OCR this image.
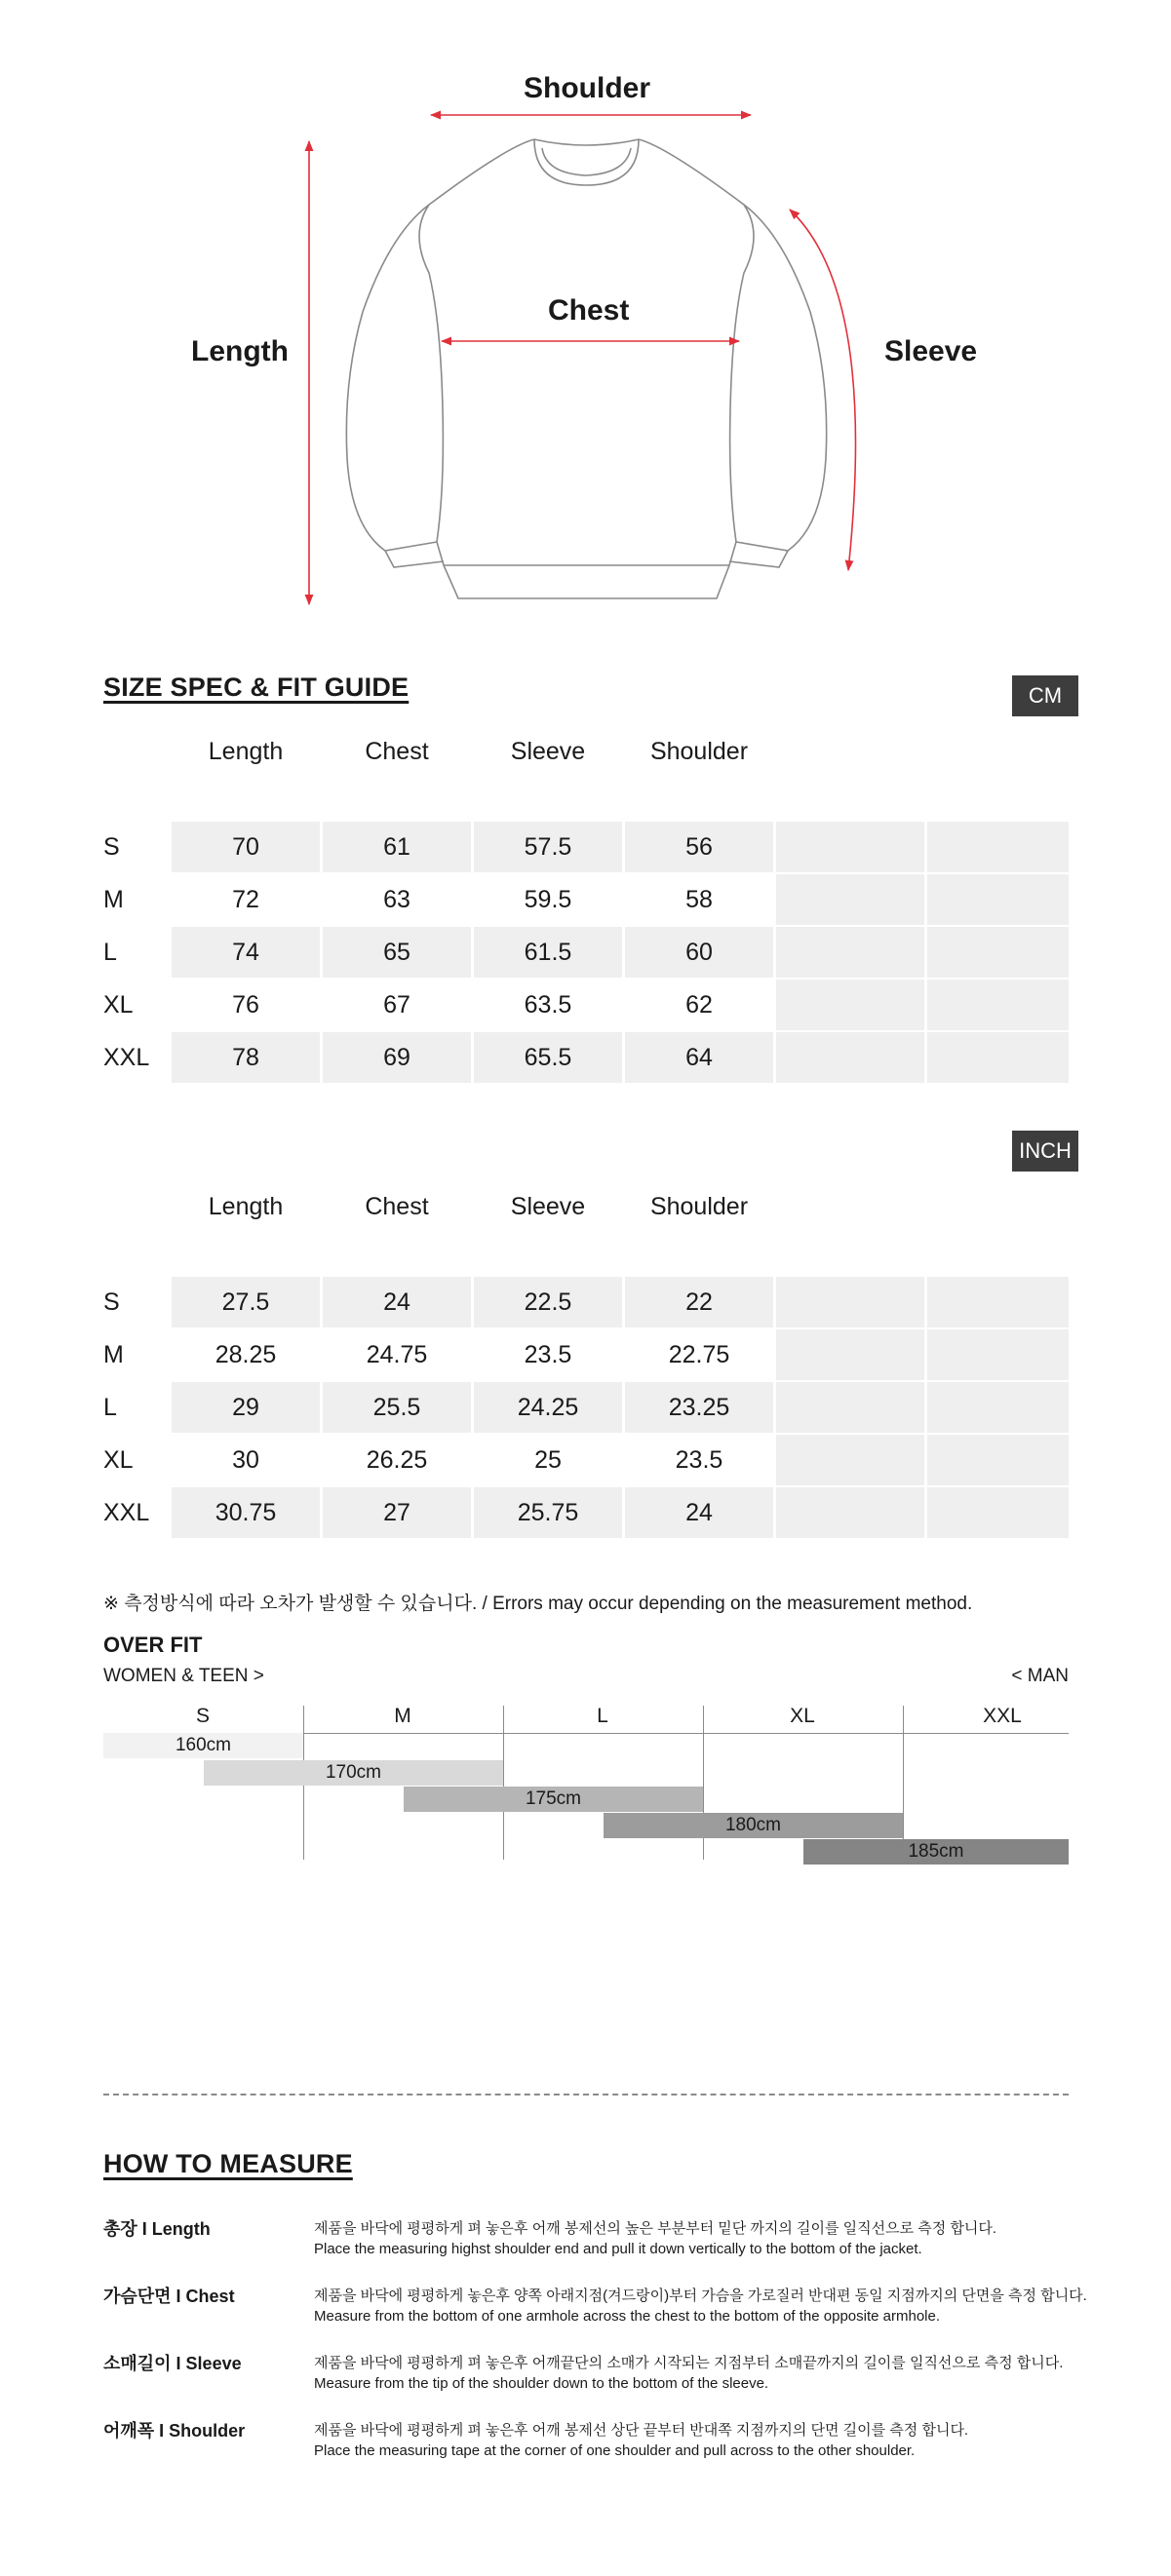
Shoulder
Chest
Length	Sleeve
SIZE SPEC & FIT GUIDE	CM
Length	Chest	Sleeve	Shoulder
S	70	61	57.5	56
M	72	63	59.5	58
L	74	65	61.5	60
XL	76	67	63.5	62
XXL	78	69	65.5	64
INCH
Length	Chest	Sleeve	Shoulder
S	27.5	24	22.5	22
M	28.25	24.75	23.5	22.75
L	29	25.5	24.25	23.25
XL	30	26.25	25	23.5
XXL	30.75	27	25.75	24
※ 측정방식에 따라 오차가 발생할 수 있습니다. / Errors may occur depending on the measurement method.
OVER FIT
WOMEN & TEEN >	< MAN
S	M	L	XL	XXL
160cm
170cm
175cm
180cm
185cm
HOW TO MEASURE
총장 I Length	제품을 바닥에 평평하게 펴 놓은후 어깨 봉제선의 높은 부분부터 밑단 까지의 길이를 일직선으로 측정 합니다.
Place the measuring highst shoulder end and pull it down vertically to the bottom of the jacket.
가슴단면 I Chest	제품을 바닥에 평평하게 놓은후 양쪽 아래지점(겨드랑이)부터 가슴을 가로질러 반대편 동일 지점까지의 단면을 측정 합니다.
Measure from the bottom of one armhole across the chest to the bottom of the opposite armhole.
소매길이 I Sleeve	제품을 바닥에 평평하게 펴 놓은후 어깨끝단의 소매가 시작되는 지점부터 소매끝까지의 길이를 일직선으로 측정 합니다.
Measure from the tip of the shoulder down to the bottom of the sleeve.
어깨폭 I Shoulder	제품을 바닥에 평평하게 펴 놓은후 어깨 봉제선 상단 끝부터 반대쪽 지점까지의 단면 길이를 측정 합니다.
Place the measuring tape at the corner of one shoulder and pull across to the other shoulder.
